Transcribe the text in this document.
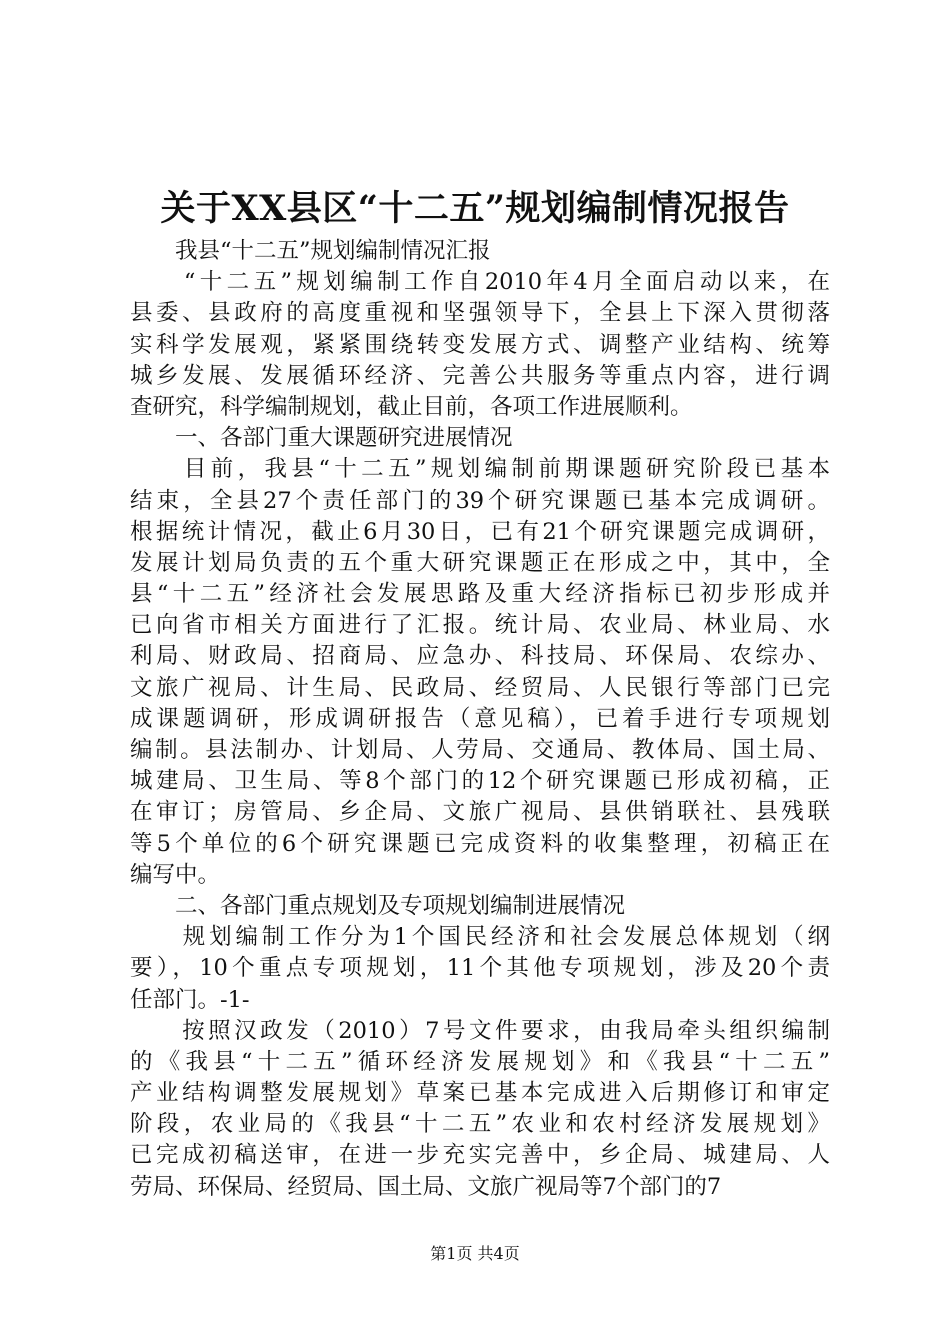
关于XX县区“十二五”规划编制情况报告
　　我县“十二五”规划编制情况汇报
　　“十二五”规划编制工作自2010年4月全面启动以来，在
县委、县政府的高度重视和坚强领导下，全县上下深入贯彻落
实科学发展观，紧紧围绕转变发展方式、调整产业结构、统筹
城乡发展、发展循环经济、完善公共服务等重点内容，进行调
查研究，科学编制规划，截止目前，各项工作进展顺利。
　　一、各部门重大课题研究进展情况
　　目前，我县“十二五”规划编制前期课题研究阶段已基本
结束，全县27个责任部门的39个研究课题已基本完成调研。
根据统计情况，截止6月30日，已有21个研究课题完成调研，
发展计划局负责的五个重大研究课题正在形成之中，其中，全
县“十二五”经济社会发展思路及重大经济指标已初步形成并
已向省市相关方面进行了汇报。统计局、农业局、林业局、水
利局、财政局、招商局、应急办、科技局、环保局、农综办、
文旅广视局、计生局、民政局、经贸局、人民银行等部门已完
成课题调研，形成调研报告（意见稿），已着手进行专项规划
编制。县法制办、计划局、人劳局、交通局、教体局、国土局、
城建局、卫生局、等8个部门的12个研究课题已形成初稿，正
在审订；房管局、乡企局、文旅广视局、县供销联社、县残联
等5个单位的6个研究课题已完成资料的收集整理，初稿正在
编写中。
　　二、各部门重点规划及专项规划编制进展情况
　　规划编制工作分为1个国民经济和社会发展总体规划（纲
要），10个重点专项规划，11个其他专项规划，涉及20个责
任部门。-1-
　　按照汉政发（2010）7号文件要求，由我局牵头组织编制
的《我县“十二五”循环经济发展规划》和《我县“十二五”
产业结构调整发展规划》草案已基本完成进入后期修订和审定
阶段，农业局的《我县“十二五”农业和农村经济发展规划》
已完成初稿送审，在进一步充实完善中，乡企局、城建局、人
劳局、环保局、经贸局、国土局、文旅广视局等7个部门的7
第1页 共4页
